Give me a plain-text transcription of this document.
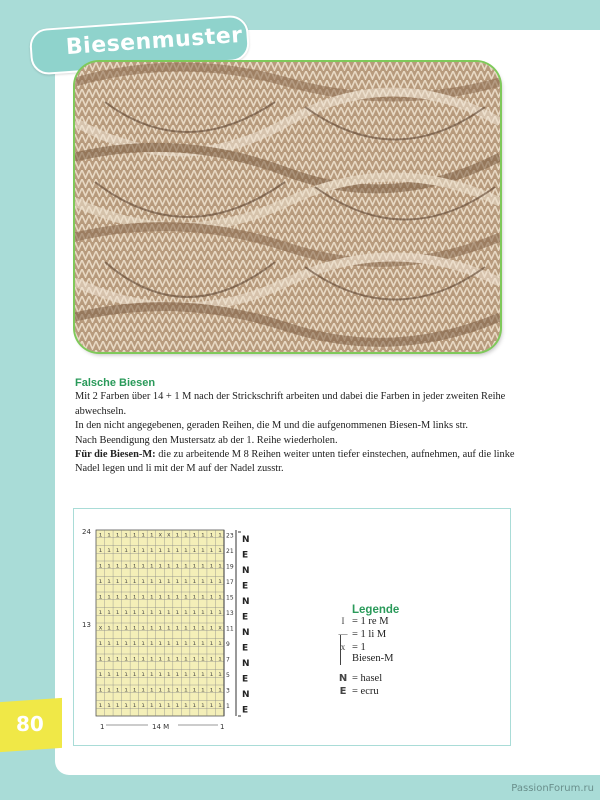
Biesenmuster
Falsche Biesen
Mit 2 Farben über 14 + 1 M nach der Strickschrift arbeiten und dabei die Farben in jeder zweiten Reihe abwechseln.
In den nicht angegebenen, geraden Reihen, die M und die aufgenommenen Biesen-M links str.
Nach Beendigung den Mustersatz ab der 1. Reihe wiederholen.
Für die Biesen-M: die zu arbeitende M 8 Reihen weiter unten tiefer einstechen, aufnehmen, auf die linke Nadel legen und li mit der M auf der Nadel zusstr.
ı ı ı ı ı ı ı x x ı ı ı ı ı ı
ı ı ı ı ı ı ı ı ı ı ı ı ı ı ı
ı ı ı ı ı ı ı ı ı ı ı ı ı ı ı
ı ı ı ı ı ı ı ı ı ı ı ı ı ı ı
ı ı ı ı ı ı ı ı ı ı ı ı ı ı ı
ı ı ı ı ı ı ı ı ı ı ı ı ı ı ı
x ı ı ı ı ı ı ı ı ı ı ı ı ı x
ı ı ı ı ı ı ı ı ı ı ı ı ı ı ı
ı ı ı ı ı ı ı ı ı ı ı ı ı ı ı
ı ı ı ı ı ı ı ı ı ı ı ı ı ı ı
ı ı ı ı ı ı ı ı ı ı ı ı ı ı ı
ı ı ı ı ı ı ı ı ı ı ı ı ı ı ı
24
13
1	14 M	1
23
21
19
17
15
13
11
9
7
5
3
1
N
E
N
E
N
E
N
E
N
E
N
E
Legende
I = 1 re M
— = 1 li M
x = 1 Biesen-M
N = hasel
E = ecru
80
PassionForum.ru
